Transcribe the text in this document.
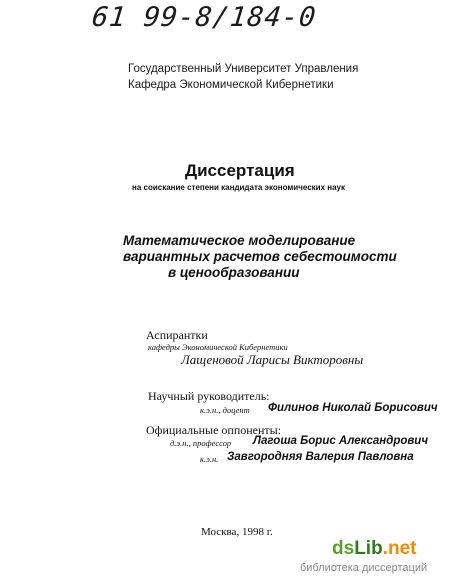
61 99-8/184-0
Государственный Университет Управления
Кафедра Экономической Кибернетики
Диссертация
на соискание степени кандидата экономических наук
Математическое моделирование
вариантных расчетов себестоимости
в ценообразовании
Аспирантки
кафедры Экономической Кибернетики
Лащеновой Ларисы Викторовны
Научный руководитель:
к.э.н., доцент Филинов Николай Борисович
Официальные оппоненты:
д.э.н., профессор Лагоша Борис Александрович
к.э.н. Завгородняя Валерия Павловна
Москва, 1998 г.
dsLib.net
библиотека диссертаций
